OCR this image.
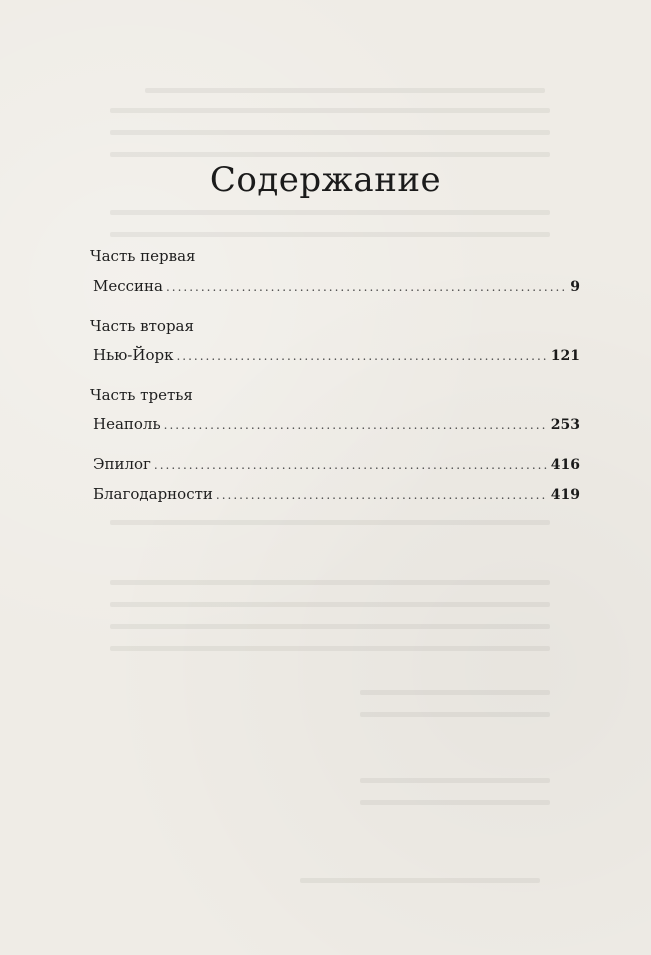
Содержание
Часть первая
Мессина .....	9
Часть вторая
Нью-Йорк .....	121
Часть третья
Неаполь .....	253
Эпилог .....	416
Благодарности .....	419
